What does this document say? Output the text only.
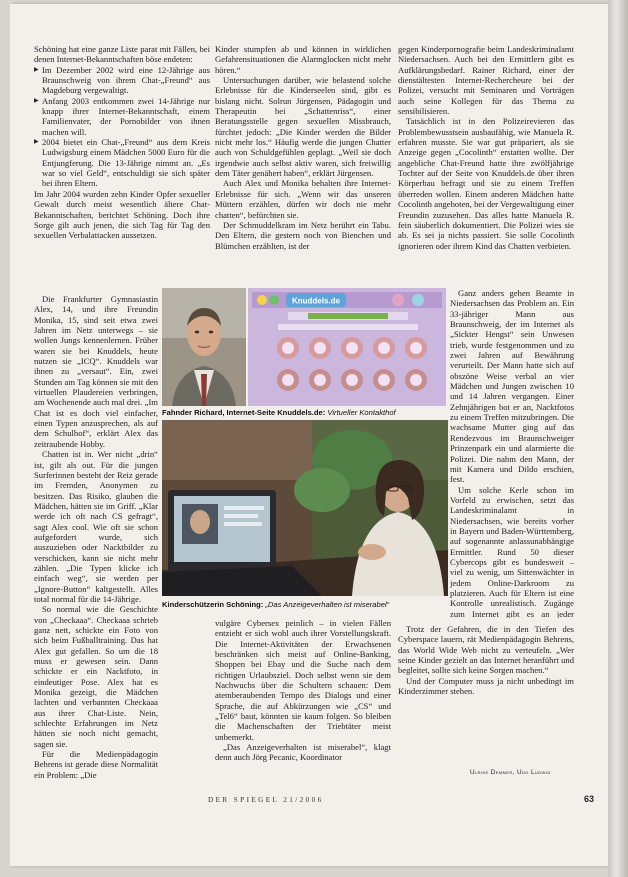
Schöning hat eine ganze Liste parat mit Fällen, bei denen Internet-Bekanntschaften böse endeten:

▶ Im Dezember 2002 wird eine 12-Jährige aus Braunschweig von ihrem Chat-„Freund“ aus Magdeburg vergewaltigt.

▶ Anfang 2003 entkommen zwei 14-Jährige nur knapp ihrer Internet-Bekanntschaft, einem Familienvater, der Pornobilder von ihnen machen will.

▶ 2004 bietet ein Chat-„Freund“ aus dem Kreis Ludwigsburg einem Mädchen 5000 Euro für die Entjungferung. Die 13-Jährige nimmt an. „Es war so viel Geld“, entschuldigt sie sich später bei ihren Eltern.

Im Jahr 2004 wurden zehn Kinder Opfer sexueller Gewalt durch meist wesentlich ältere Chat-Bekanntschaften, berichtet Schöning. Doch ihre Sorge gilt auch jenen, die sich Tag für Tag den sexuellen Verbalattacken aussetzen.

Die Frankfurter Gymnasiastin Alex, 14, und ihre Freundin Monika, 15, sind seit etwa zwei Jahren im Netz unterwegs – sie wollen Jungs kennenlernen. Früher waren sie bei Knuddels, heute nutzen sie „ICQ“. Knuddels war ihnen zu „versaut“. Ein, zwei Stunden am Tag können sie mit den virtuellen Plaudereien verbringen, am Wochenende auch mal drei. „Im Chat ist es doch viel einfacher, einen Typen anzusprechen, als auf dem Schulhof“, erklärt Alex das zeitraubende Hobby.

Chatten ist in. Wer nicht „drin“ ist, gilt als out. Für die jungen Surferinnen besteht der Reiz gerade im Fremden, Anonymen zu besitzen. Das Risiko, glauben die Mädchen, hätten sie im Griff. „Klar werde ich oft nach CS gefragt“, sagt Alex cool. Wie oft sie schon aufgefordert wurde, sich auszuziehen oder Nacktbilder zu verschicken, kann sie nicht mehr zählen. „Die Typen klicke ich einfach weg“, sie werden per „Ignore-Button“ kaltgestellt. Alles total normal für die 14-Jährige.

So normal wie die Geschichte von „Checkaaa“. Checkaaa schrieb ganz nett, schickte ein Foto von sich beim Fußballtraining. Das hat Alex gut gefallen. So um die 18 muss er gewesen sein. Dann schickte er ein Nacktfoto, in eindeutiger Pose. Alex hat es Monika gezeigt, die Mädchen lachten und verbannten Checkaaa aus ihrer Chat-Liste. Nein, schlechte Erfahrungen im Netz hätten sie noch nicht gemacht, sagen sie.

Für die Medienpädagogin Behrens ist gerade diese Normalität ein Problem: „Die

Kinder stumpfen ab und können in wirklichen Gefahrensituationen die Alarmglocken nicht mehr hören.“

Untersuchungen darüber, wie belastend solche Erlebnisse für die Kinderseelen sind, gibt es bislang nicht. Solrun Jürgensen, Pädagogin und Therapeutin bei „Schattenriss“, einer Beratungsstelle gegen sexuellen Missbrauch, fürchtet jedoch: „Die Kinder werden die Bilder nicht mehr los.“ Häufig werde die jungen Chatter auch von Schuldgefühlen geplagt. „Weil sie doch irgendwie auch selbst aktiv waren, sich freiwillig dem Täter genähert haben“, erklärt Jürgensen.

Auch Alex und Monika behalten ihre Internet-Erlebnisse für sich. „Wenn wir das unseren Müttern erzählen, dürfen wir doch nie mehr chatten“, befürchten sie.

Der Schmuddelkram im Netz berührt ein Tabu. Den Eltern, die gestern noch von Bienchen und Blümchen erzählten, ist der

gegen Kinderpornografie beim Landeskriminalamt Niedersachsen. Auch bei den Ermittlern gibt es Aufklärungsbedarf. Rainer Richard, einer der dienstältesten Internet-Rechercheure bei der Polizei, versucht mit Seminaren und Vorträgen auch seine Kollegen für das Thema zu sensibilisieren.

Tatsächlich ist in den Polizeirevieren das Problembewusstsein ausbaufähig, wie Manuela R. erfahren musste. Sie war gut präpariert, als sie Anzeige gegen „Cocolinth“ erstatten wollte. Der angebliche Chat-Freund hatte ihre zwölfjährige Tochter auf der Seite von Knuddels.de über ihren Körperbau befragt und sie zu einem Treffen überreden wollen. Einem anderen Mädchen hatte Cocolinth angeboten, bei der Vergewaltigung einer Freundin zuzusehen. Das alles hatte Manuela R. fein säuberlich dokumentiert. Die Polizei wies sie ab. Es sei ja nichts passiert. Sie solle Cocolinth ignorieren oder ihrem Kind das Chatten verbieten.

Ganz anders gehen Beamte in Niedersachsen das Problem an. Ein 33-jähriger Mann aus Braunschweig, der im Internet als „Sickter Hengst“ sein Unwesen trieb, wurde festgenommen und zu zwei Jahren auf Bewährung verurteilt. Der Mann hatte sich auf obszöne Weise verbal an vier Mädchen und Jungen zwischen 10 und 14 Jahren vergangen. Einer Zehnjährigen bot er an, Nacktfotos zu einem Treffen mitzubringen. Die wachsame Mutter ging auf das Rendezvous im Braunschweiger Prinzenpark ein und alarmierte die Polizei. Die nahm den Mann, der mit Kamera und Dildo erschien, fest.

Um solche Kerle schon im Vorfeld zu erwischen, setzt das Landeskriminalamt in Niedersachsen, wie bereits vorher in Bayern und Baden-Württemberg, auf sogenannte anlassunabhängige Ermittler. Rund 50 dieser Cybercops gibt es bundesweit – viel zu wenig, um Sittenwächter in jedem Online-Darkroom zu platzieren. Auch für Eltern ist eine Kontrolle unrealistisch. Zugänge zum Internet gibt es an jeder

vulgäre Cybersex peinlich – in vielen Fällen entzieht er sich wohl auch ihrer Vorstellungskraft. Die Internet-Aktivitäten der Erwachsenen beschränken sich meist auf Online-Banking, Shoppen bei Ebay und die Suche nach dem richtigen Urlaubsziel. Doch selbst wenn sie dem Nachwuchs über die Schultern schauen: Dem atemberaubenden Tempo des Dialogs und einer Sprache, die auf Abkürzungen wie „CS“ und „Tel6“ baut, könnten sie kaum folgen. So bleiben die Machenschaften der Triebtäter meist unbemerkt.

„Das Anzeigeverhalten ist miserabel“, klagt denn auch Jörg Pecanic, Koordinator

Trotz der Gefahren, die in den Tiefen des Cyberspace lauern, rät Medienpädagogin Behrens, das World Wide Web nicht zu verteufeln. „Wer seine Kinder gezielt an das Internet heranführt und begleitet, sollte sich keine Sorgen machen.“

Und der Computer muss ja nicht unbedingt im Kinderzimmer stehen.

Ulrike Demmer, Udo Ludwig
Knuddels.de
Fahnder Richard, Internet-Seite Knuddels.de: Virtueller Kontakthof
Kinderschützerin Schöning: „Das Anzeigeverhalten ist miserabel“
DER SPIEGEL 21/2006	63
